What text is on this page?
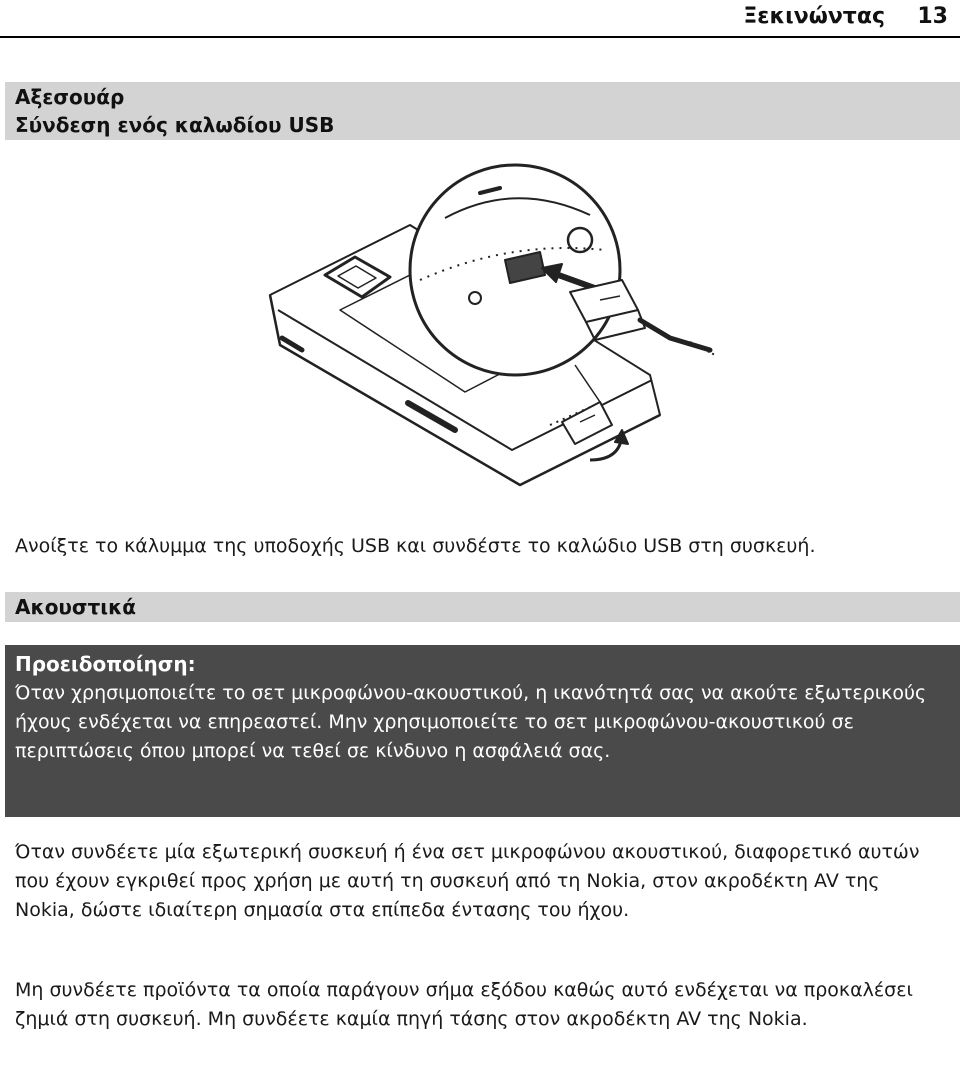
Ξεκινώντας 13
Αξεσουάρ
Σύνδεση ενός καλωδίου USB
Ανοίξτε το κάλυμμα της υποδοχής USB και συνδέστε το καλώδιο USB στη συσκευή.
Ακουστικά

Προειδοποίηση:

Όταν χρησιμοποιείτε το σετ μικροφώνου-ακουστικού, η ικανότητά σας να ακούτε εξωτερικούς ήχους ενδέχεται να επηρεαστεί. Μην χρησιμοποιείτε το σετ μικροφώνου-ακουστικού σε περιπτώσεις όπου μπορεί να τεθεί σε κίνδυνο η ασφάλειά σας.

Όταν συνδέετε μία εξωτερική συσκευή ή ένα σετ μικροφώνου ακουστικού, διαφορετικό αυτών που έχουν εγκριθεί προς χρήση με αυτή τη συσκευή από τη Nokia, στον ακροδέκτη AV της Nokia, δώστε ιδιαίτερη σημασία στα επίπεδα έντασης του ήχου.

Μη συνδέετε προϊόντα τα οποία παράγουν σήμα εξόδου καθώς αυτό ενδέχεται να προκαλέσει ζημιά στη συσκευή. Μη συνδέετε καμία πηγή τάσης στον ακροδέκτη AV της Nokia.
